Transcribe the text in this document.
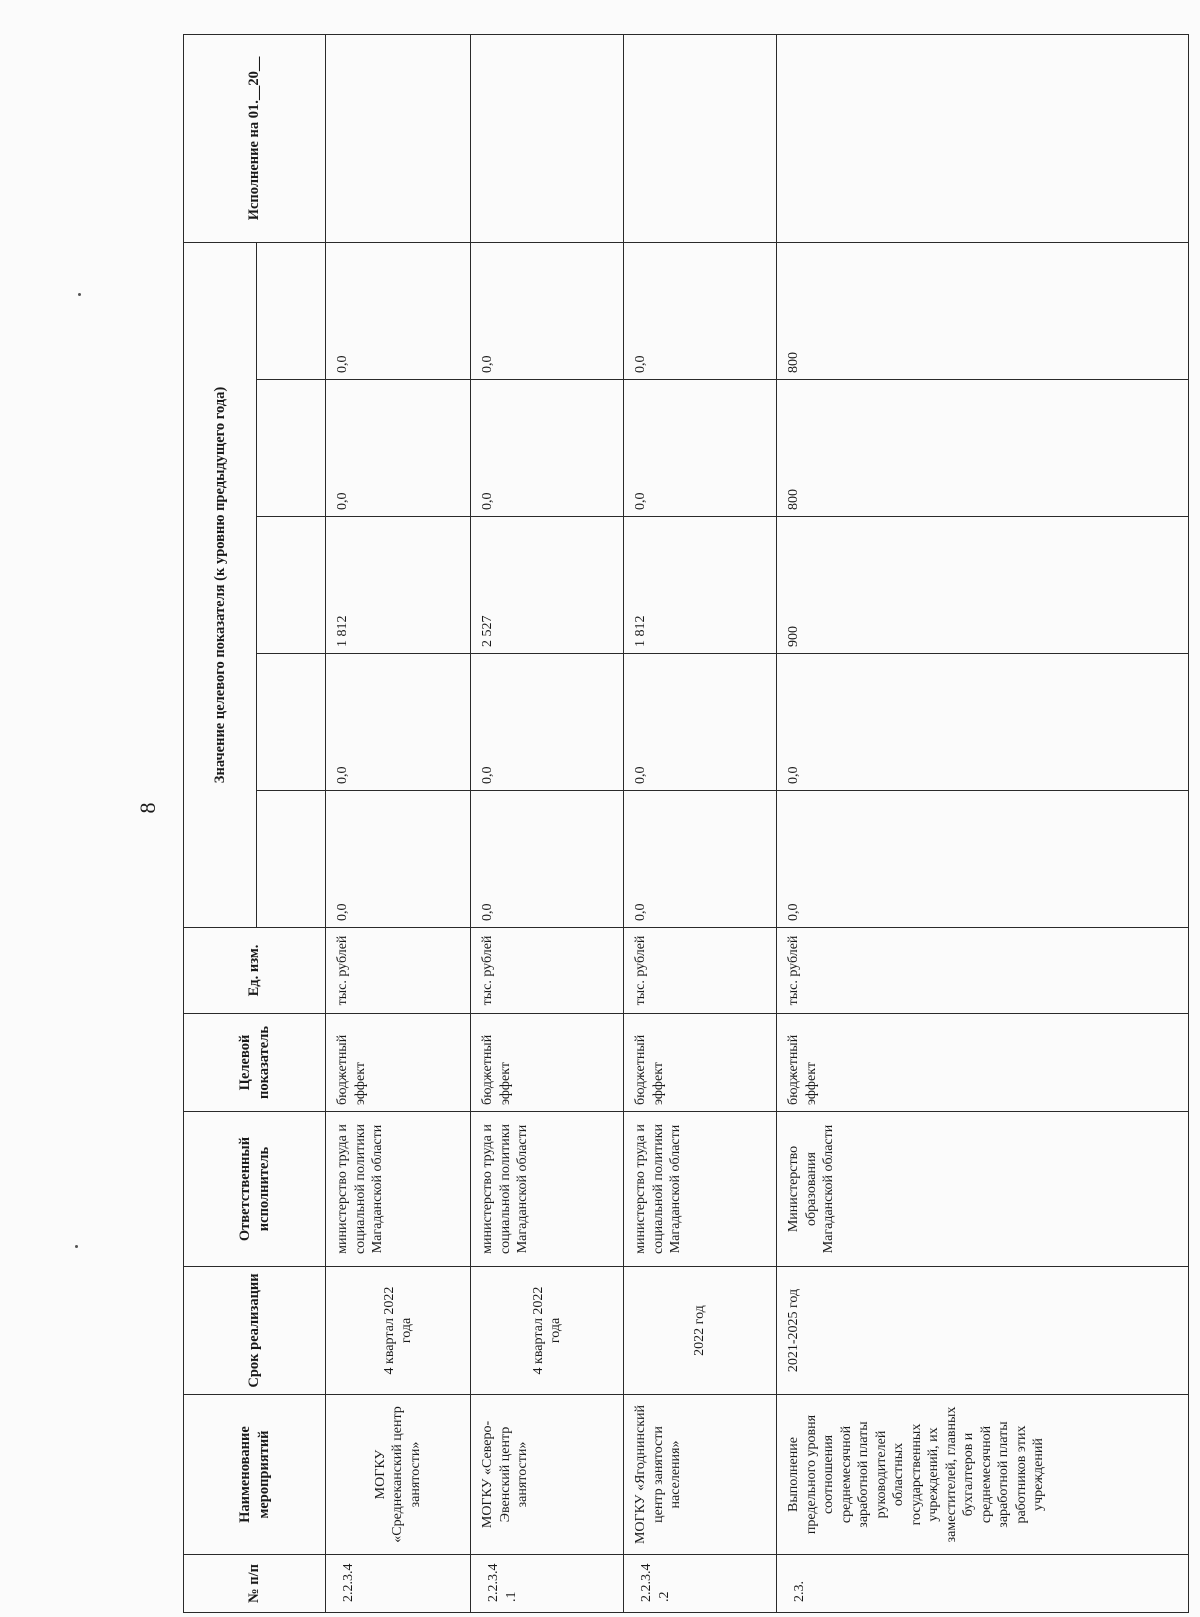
8
№ п/п	Наименование мероприятий	Срок реализации	Ответственный исполнитель	Целевой показатель	Ед. изм.	Значение целевого показателя (к уровню предыдущего года)					Исполнение на 01.__20__

2.2.3.4	МОГКУ «Среднеканский центр занятости»	4 квартал 2022 года	министерство труда и социальной политики Магаданской области	бюджетный эффект	тыс. рублей	0,0	0,0	1 812	0,0	0,0	
2.2.3.4.1	МОГКУ «Северо-Эвенский центр занятости»	4 квартал 2022 года	министерство труда и социальной политики Магаданской области	бюджетный эффект	тыс. рублей	0,0	0,0	2 527	0,0	0,0	
2.2.3.4.2	МОГКУ «Ягоднинский центр занятости населения»	2022 год	министерство труда и социальной политики Магаданской области	бюджетный эффект	тыс. рублей	0,0	0,0	1 812	0,0	0,0	
2.3.	Выполнение предельного уровня соотношения среднемесячной заработной платы руководителей областных государственных учреждений, их заместителей, главных бухгалтеров и среднемесячной заработной платы работников этих учреждений	2021-2025 год	Министерство образования Магаданской области	бюджетный эффект	тыс. рублей	0,0	0,0	900	800	800	
